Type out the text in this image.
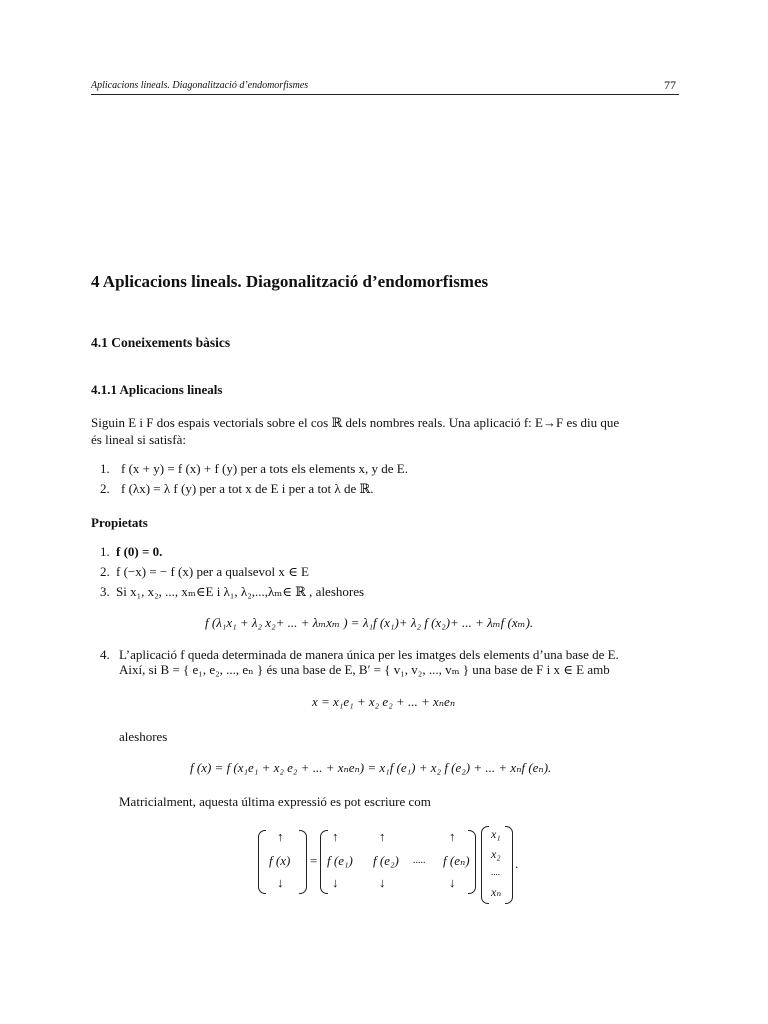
Aplicacions lineals. Diagonalització d’endomorfismes	77
4 Aplicacions lineals. Diagonalització d’endomorfismes
4.1 Coneixements bàsics
4.1.1 Aplicacions lineals
Siguin E i F dos espais vectorials sobre el cos ℝ dels nombres reals. Una aplicació f: E→F es diu que
és lineal si satisfà:
1. f (x + y) = f (x) + f (y) per a tots els elements x, y de E.
2. f (λx) = λ f (y) per a tot x de E i per a tot λ de ℝ.
Propietats
1. f (0) = 0.
2. f (−x) = − f (x) per a qualsevol x ∈ E
3. Si x₁, x₂, ..., xₘ∈E i λ₁, λ₂,...,λₘ∈ ℝ , aleshores
f (λ₁x₁ + λ₂ x₂+ ... + λₘxₘ ) = λ₁f (x₁)+ λ₂ f (x₂)+ ... + λₘf (xₘ).
4. L’aplicació f queda determinada de manera única per les imatges dels elements d’una base de E.
Així, si B = { e₁, e₂, ..., eₙ } és una base de E, B′ = { v₁, v₂, ..., vₘ } una base de F i x ∈ E amb
x = x₁e₁ + x₂ e₂ + ... + xₙeₙ
aleshores
f (x) = f (x₁e₁ + x₂ e₂ + ... + xₙeₙ) = x₁f (e₁) + x₂ f (e₂) + ... + xₙf (eₙ).
Matricialment, aquesta última expressió es pot escriure com
↑
f (x)
↓
=
↑	↑	↑
f (e₁) f (e₂) ..... f (eₙ)
↓	↓	↓
x₁
x₂
....
xₙ
.
